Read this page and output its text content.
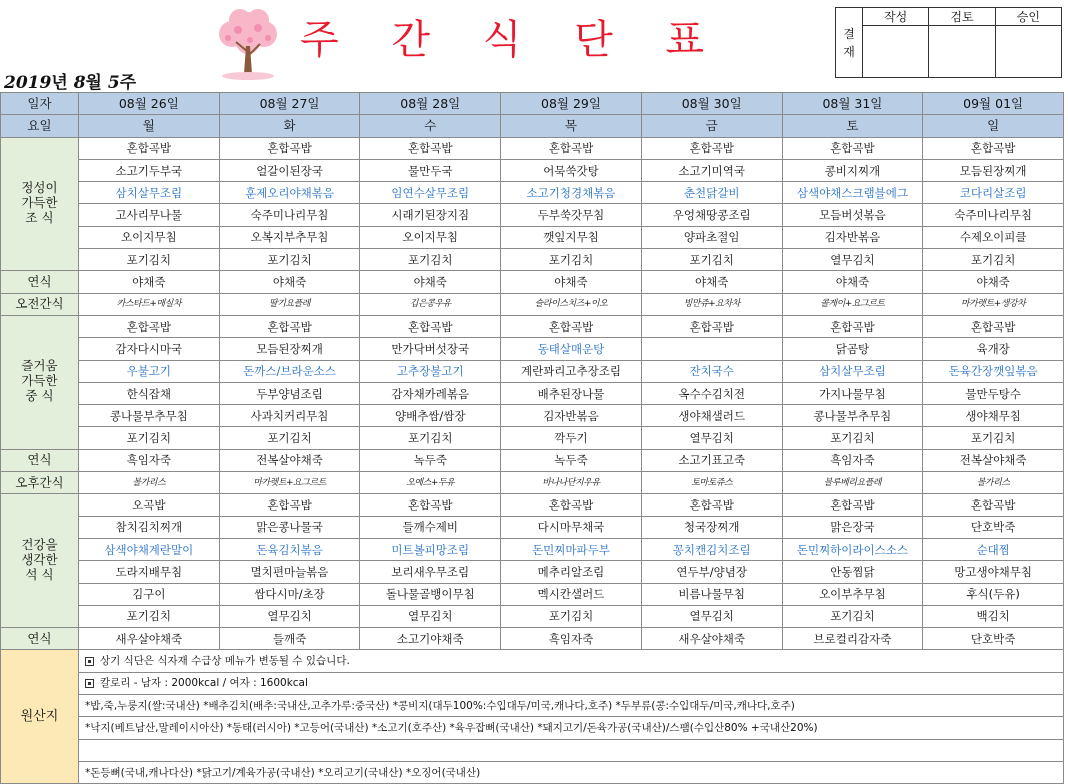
주 간 식 단 표
2019년 8월 5주
결
재	작성	검토	승인

일자	08월 26일	08월 27일	08월 28일	08월 29일	08월 30일	08월 31일	09월 01일
요일	월	화	수	목	금	토	일
정성이
가득한
조 식	혼합곡밥	혼합곡밥	혼합곡밥	혼합곡밥	혼합곡밥	혼합곡밥	혼합곡밥
	소고기두부국	얼갈이된장국	물만두국	어묵쑥갓탕	소고기미역국	콩비지찌개	모듬된장찌개
	삼치살무조림	훈제오리야채볶음	임연수살무조림	소고기청경채볶음	춘천닭갈비	삼색야채스크램블에그	코다리살조림
	고사리무나물	숙주미나리무침	시래기된장지짐	두부쑥갓무침	우엉채땅콩조림	모듬버섯볶음	숙주미나리무침
	오이지무침	오복지부추무침	오이지무침	깻잎지무침	양파초절임	김자반볶음	수제오이피클
	포기김치	포기김치	포기김치	포기김치	포기김치	열무김치	포기김치
연식	야채죽	야채죽	야채죽	야채죽	야채죽	야채죽	야채죽
오전간식	카스타드+매실차	딸기요플레	깁은콩우유	슬라이스치즈+이오	빙만쥬+요차차	콜게이+요그르트	마가렛트+생강차
즐거움
가득한
중 식	혼합곡밥	혼합곡밥	혼합곡밥	혼합곡밥	혼합곡밥	혼합곡밥	혼합곡밥
	감자다시마국	모듬된장찌개	만가닥버섯장국	동태살매운탕		닭곰탕	육개장
	우불고기	돈까스/브라운소스	고추장불고기	계란꽈리고추장조림	잔치국수	삼치살무조림	돈육간장깻잎볶음
	한식잡채	두부양념조림	감자채카레볶음	배추된장나물	옥수수김치전	가지나물무침	물만두탕수
	콩나물부추무침	사과치커리무침	양배추쌈/쌈장	김자반볶음	생야채샐러드	콩나물부추무침	생야채무침
	포기김치	포기김치	포기김치	깍두기	열무김치	포기김치	포기김치
연식	흑임자죽	전복살야채죽	녹두죽	녹두죽	소고기표고죽	흑임자죽	전복살야채죽
오후간식	볼가리스	마가렛트+요그르트	오예스+두유	바나나단지우유	토마토쥬스	블루베리요플레	볼가리스
건강을
생각한
석 식	오곡밥	혼합곡밥	혼합곡밥	혼합곡밥	혼합곡밥	혼합곡밥	혼합곡밥
	참치김치찌개	맑은콩나물국	들깨수제비	다시마무채국	청국장찌개	맑은장국	단호박죽
	삼색야채계란말이	돈육김치볶음	미트볼피망조림	돈민찌마파두부	꽁치캔김치조림	돈민찌하이라이스소스	순대찜
	도라지배무침	멸치편마늘볶음	보리새우무조림	메추리알조림	연두부/양념장	안동찜닭	망고생야채무침
	김구이	쌈다시마/초장	돌나물골뱅이무침	멕시칸샐러드	비름나물무침	오이부추무침	후식(두유)
	포기김치	열무김치	열무김치	포기김치	열무김치	포기김치	백김치
연식	새우살야채죽	들깨죽	소고기야채죽	흑임자죽	새우살야채죽	브로컬리감자죽	단호박죽
원산지	상기 식단은 식자재 수급상 메뉴가 변동될 수 있습니다.						
	칼로리 - 남자 : 2000kcal / 여자 : 1600kcal						
	*밥,죽,누룽지(쌀:국내산) *배추김치(배추:국내산,고추가루:중국산) *콩비지(대두100%:수입대두/미국,캐나다,호주) *두부류(콩:수입대두/미국,캐나다,호주)						
	*낙지(베트남산,말레이시아산) *동태(러시아) *고등어(국내산) *소고기(호주산) *육우잡뼈(국내산) *돼지고기/돈육가공(국내산)/스팸(수입산80% +국내산20%)						

	*돈등뼈(국내,캐나다산) *닭고기/계육가공(국내산) *오리고기(국내산) *오징어(국내산)						
